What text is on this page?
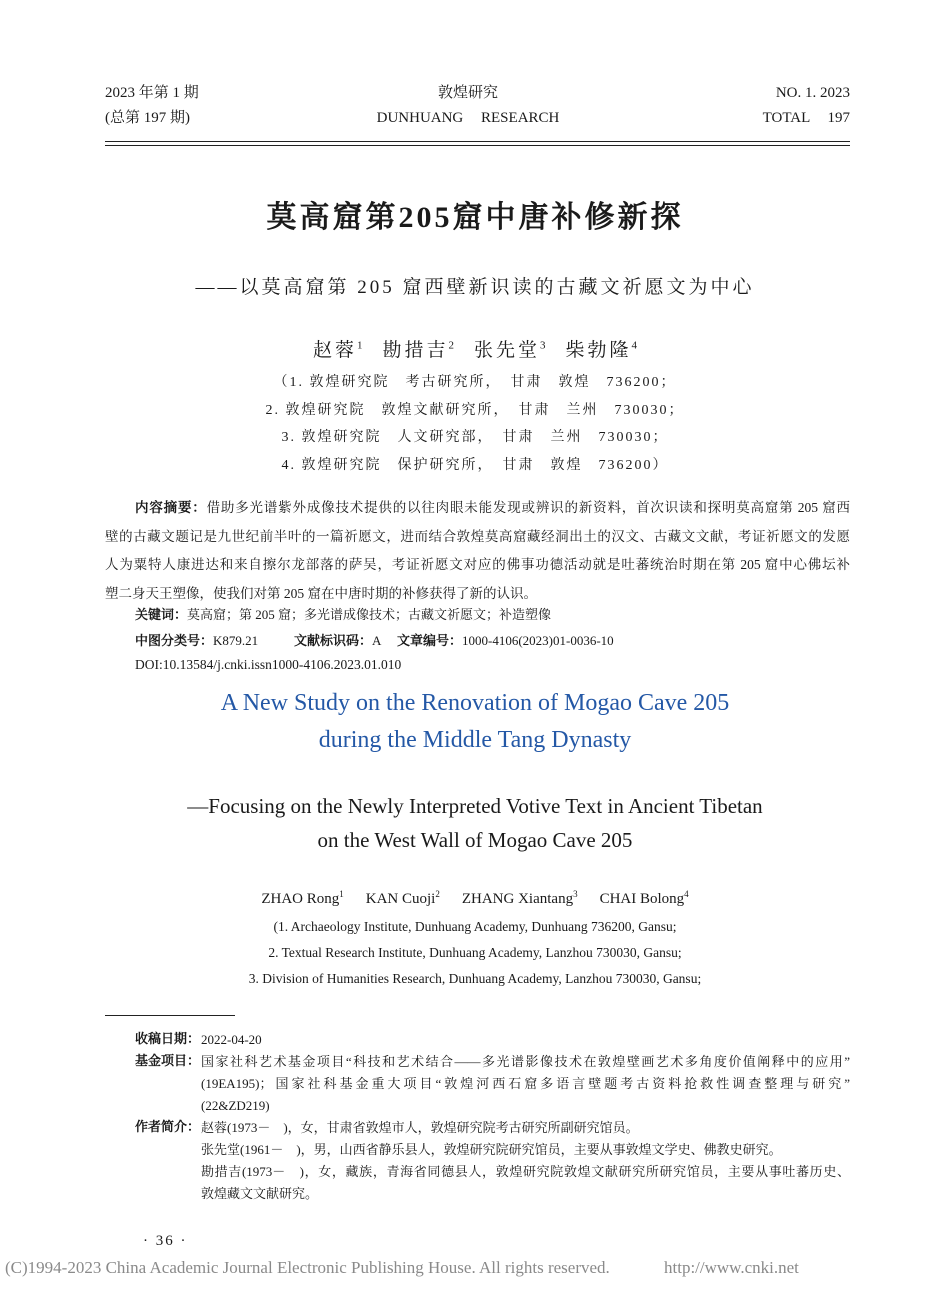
2023 年第 1 期
(总第 197 期)
敦煌研究
DUNHUANG RESEARCH
NO. 1. 2023
TOTAL 197
莫高窟第205窟中唐补修新探
——以莫高窟第 205 窟西壁新识读的古藏文祈愿文为中心
赵蓉$^1$ 勘措吉$^2$ 张先堂$^3$ 柴勃隆$^4$
（1. 敦煌研究院　考古研究所，　甘肃　敦煌　736200；
2. 敦煌研究院　敦煌文献研究所，　甘肃　兰州　730030；
3. 敦煌研究院　人文研究部，　甘肃　兰州　730030；
4. 敦煌研究院　保护研究所，　甘肃　敦煌　736200）
内容摘要：借助多光谱紫外成像技术提供的以往肉眼未能发现或辨识的新资料，首次识读和探明莫高窟第 205 窟西
壁的古藏文题记是九世纪前半叶的一篇祈愿文，进而结合敦煌莫高窟藏经洞出土的汉文、古藏文文献，考证祈愿文的发愿
人为粟特人康进达和来自擦尔龙部落的萨吴，考证祈愿文对应的佛事功德活动就是吐蕃统治时期在第 205 窟中心佛坛补
塑二身天王塑像，使我们对第 205 窟在中唐时期的补修获得了新的认识。
关键词：莫高窟；第 205 窟；多光谱成像技术；古藏文祈愿文；补造塑像
中图分类号：K879.21	文献标识码：A 文章编号：1000-4106(2023)01-0036-10
DOI:10.13584/j.cnki.issn1000-4106.2023.01.010
A New Study on the Renovation of Mogao Cave 205
during the Middle Tang Dynasty
—Focusing on the Newly Interpreted Votive Text in Ancient Tibetan
on the West Wall of Mogao Cave 205
ZHAO Rong$^1$ KAN Cuoji$^2$ ZHANG Xiantang$^3$ CHAI Bolong$^4$
(1. Archaeology Institute, Dunhuang Academy, Dunhuang 736200, Gansu;
2. Textual Research Institute, Dunhuang Academy, Lanzhou 730030, Gansu;
3. Division of Humanities Research, Dunhuang Academy, Lanzhou 730030, Gansu;
收稿日期： 2022-04-20
基金项目： 国家社科艺术基金项目“科技和艺术结合——多光谱影像技术在敦煌壁画艺术多角度价值阐释中的应用”
(19EA195)；国家社科基金重大项目“敦煌河西石窟多语言壁题考古资料抢救性调查整理与研究”
(22&ZD219)
作者简介： 赵蓉(1973－　)，女，甘肃省敦煌市人，敦煌研究院考古研究所副研究馆员。
张先堂(1961－　)，男，山西省静乐县人，敦煌研究院研究馆员，主要从事敦煌文学史、佛教史研究。
勘措吉(1973－　)，女，藏族，青海省同德县人，敦煌研究院敦煌文献研究所研究馆员，主要从事吐蕃历史、
敦煌藏文文献研究。
· 36 ·
(C)1994-2023 China Academic Journal Electronic Publishing House. All rights reserved.	http://www.cnki.net
